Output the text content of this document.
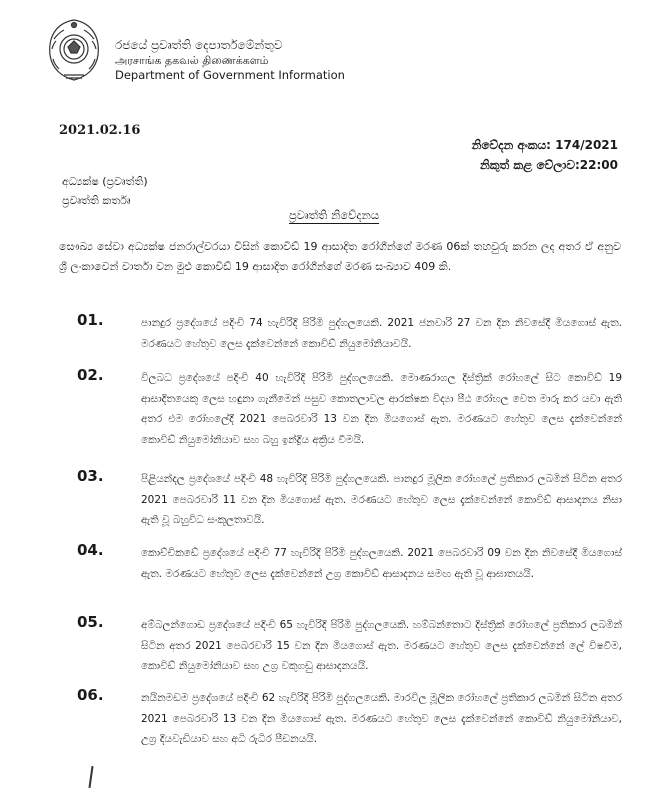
රජයේ ප්‍රවෘත්ති දෙපාර්තමේන්තුව
அரசாங்க தகவல் திணைக்களம்
Department of Government Information
2021.02.16
නිවේදන අංකය: 174/2021
නිකුත් කළ වේලාව:22:00
අධ්‍යක්ෂ (ප්‍රවෘත්ති)
ප්‍රවෘත්ති කර්තෘ
ප්‍රවෘත්ති නිවේදනය
සෞඛ්‍ය සේවා අධ්‍යක්ෂ ජනරාල්වරයා විසින් කොවිඩ් 19 ආසාදිත රෝගීන්ගේ මරණ 06ක් තහවුරු කරන ලද අතර ඒ අනුව ශ්‍රී ලංකාවෙන් වාර්තා වන මුළු කොවිඩ් 19 ආසාදිත රෝගීන්ගේ මරණ සංඛ්‍යාව 409 කි.
01.	පානදුර ප්‍රදේශයේ පදිංචි 74 හැවිරිදි පිරිමි පුද්ගලයෙකි. 2021 ජනවාරි 27 වන දින නිවසේදී මියගොස් ඇත. මරණයට හේතුව ලෙස දැක්වෙන්නේ කොවිඩ් නියුමෝනියාවයි.
02.	විලබධ ප්‍රදේශයේ පදිංචි 40 හැවිරිදි පිරිමි පුද්ගලයෙකි. මොණරාගල දිස්ත්‍රික් රෝහලේ සිට කොවිඩ් 19 ආසාදිතයෙකු ලෙස හඳුනා ගැනීමෙන් පසුව කොතලාවල ආරක්ෂක විද්‍යා පීඨ රෝහල වෙත මාරු කර යවා ඇති අතර එම රෝහලේදී 2021 පෙබරවාරි 13 වන දින මියගොස් ඇත. මරණයට හේතුව ලෙස දැක්වෙන්නේ කොවිඩ් නියුමෝනියාව සහ බහු ඉන්ද්‍රිය අක්‍රිය වීමයි.
03.	පිළියන්දල ප්‍රදේශයේ පදිංචි 48 හැවිරිදි පිරිමි පුද්ගලයෙකි. පානදුර මූලික රෝහලේ ප්‍රතිකාර ලබමින් සිටින අතර 2021 පෙබරවාරි 11 වන දින මියගොස් ඇත. මරණයට හේතුව ලෙස දැක්වෙන්නේ කොවිඩ් ආසාදනය නිසා ඇති වූ බහුවිධ සංකූලතාවයි.
04.	කොච්චිකඩේ ප්‍රදේශයේ පදිංචි 77 හැවිරිදි පිරිමි පුද්ගලයෙකි. 2021 පෙබරවාරි 09 වන දින නිවසේදී මියගොස් ඇත. මරණයට හේතුව ලෙස දැක්වෙන්නේ උග්‍ර කොවිඩ් ආසාදනය සමඟ ඇති වූ ආඝාතයයි.
05.	අම්බලන්ගොඩ ප්‍රදේශයේ පදිංචි 65 හැවිරිදි පිරිමි පුද්ගලයෙකි. හම්බන්තොට දිස්ත්‍රික් රෝහලේ ප්‍රතිකාර ලබමින් සිටින අතර 2021 පෙබරවාරි 15 වන දින මියගොස් ඇත. මරණයට හේතුව ලෙස දැක්වෙන්නේ ලේ විෂවීම, කොවිඩ් නියුමෝනියාව සහ උග්‍ර වකුගඩු ආසාදනයයි.
06.	නයිනමඩම ප්‍රදේශයේ පදිංචි 62 හැවිරිදි පිරිමි පුද්ගලයෙකි. මාරවිල මූලික රෝහලේ ප්‍රතිකාර ලබමින් සිටින අතර 2021 පෙබරවාරි 13 වන දින මියගොස් ඇත. මරණයට හේතුව ලෙස දැක්වෙන්නේ කොවිඩ් නියුමෝනියාව, උග්‍ර දියවැඩියාව සහ අධි රුධිර පීඩනයයි.
